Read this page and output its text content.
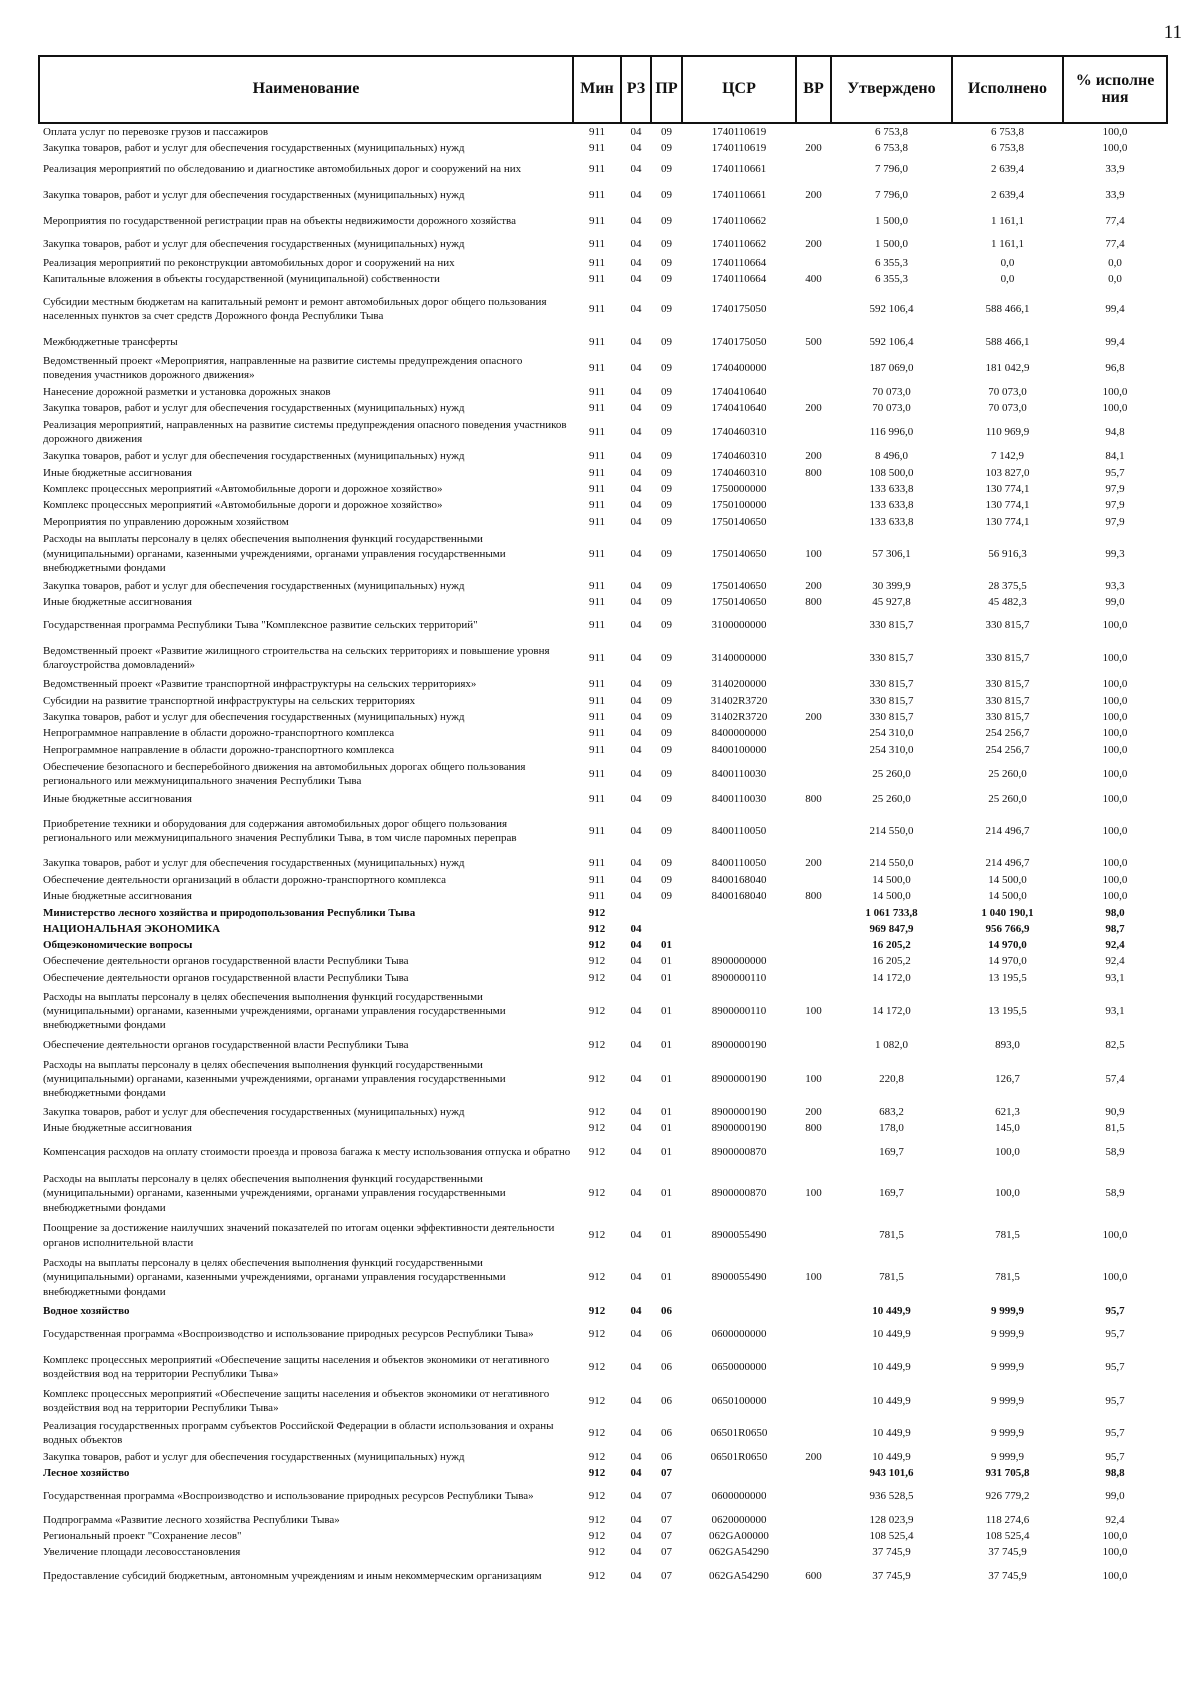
11
Наименование	Мин	РЗ	ПР	ЦСР	ВР	Утверждено	Исполнено	% исполне ния
Оплата услуг по перевозке грузов и пассажиров	911	04	09	1740110619		6 753,8	6 753,8	100,0
Закупка товаров, работ и услуг для обеспечения государственных (муниципальных) нужд	911	04	09	1740110619	200	6 753,8	6 753,8	100,0
Реализация мероприятий по обследованию и диагностике автомобильных дорог и сооружений на них	911	04	09	1740110661		7 796,0	2 639,4	33,9
Закупка товаров, работ и услуг для обеспечения государственных (муниципальных) нужд	911	04	09	1740110661	200	7 796,0	2 639,4	33,9
Мероприятия по государственной регистрации прав на объекты недвижимости дорожного хозяйства	911	04	09	1740110662		1 500,0	1 161,1	77,4
Закупка товаров, работ и услуг для обеспечения государственных (муниципальных) нужд	911	04	09	1740110662	200	1 500,0	1 161,1	77,4
Реализация мероприятий по реконструкции автомобильных дорог и сооружений на них	911	04	09	1740110664		6 355,3	0,0	0,0
Капитальные вложения в объекты государственной (муниципальной) собственности	911	04	09	1740110664	400	6 355,3	0,0	0,0
Субсидии местным бюджетам на капитальный ремонт и ремонт автомобильных дорог общего пользования населенных пунктов за счет средств Дорожного фонда Республики Тыва	911	04	09	1740175050		592 106,4	588 466,1	99,4
Межбюджетные трансферты	911	04	09	1740175050	500	592 106,4	588 466,1	99,4
Ведомственный проект «Мероприятия, направленные на развитие системы предупреждения опасного поведения участников дорожного движения»	911	04	09	1740400000		187 069,0	181 042,9	96,8
Нанесение дорожной разметки и установка дорожных знаков	911	04	09	1740410640		70 073,0	70 073,0	100,0
Закупка товаров, работ и услуг для обеспечения государственных (муниципальных) нужд	911	04	09	1740410640	200	70 073,0	70 073,0	100,0
Реализация мероприятий, направленных на развитие системы предупреждения опасного поведения участников дорожного движения	911	04	09	1740460310		116 996,0	110 969,9	94,8
Закупка товаров, работ и услуг для обеспечения государственных (муниципальных) нужд	911	04	09	1740460310	200	8 496,0	7 142,9	84,1
Иные бюджетные ассигнования	911	04	09	1740460310	800	108 500,0	103 827,0	95,7
Комплекс процессных мероприятий «Автомобильные дороги и дорожное хозяйство»	911	04	09	1750000000		133 633,8	130 774,1	97,9
Комплекс процессных мероприятий «Автомобильные дороги и дорожное хозяйство»	911	04	09	1750100000		133 633,8	130 774,1	97,9
Мероприятия по управлению дорожным хозяйством	911	04	09	1750140650		133 633,8	130 774,1	97,9
Расходы на выплаты персоналу в целях обеспечения выполнения функций государственными (муниципальными) органами, казенными учреждениями, органами управления государственными внебюджетными фондами	911	04	09	1750140650	100	57 306,1	56 916,3	99,3
Закупка товаров, работ и услуг для обеспечения государственных (муниципальных) нужд	911	04	09	1750140650	200	30 399,9	28 375,5	93,3
Иные бюджетные ассигнования	911	04	09	1750140650	800	45 927,8	45 482,3	99,0
Государственная программа Республики Тыва "Комплексное развитие сельских территорий"	911	04	09	3100000000		330 815,7	330 815,7	100,0
Ведомственный проект «Развитие жилищного строительства на сельских территориях и повышение уровня благоустройства домовладений»	911	04	09	3140000000		330 815,7	330 815,7	100,0
Ведомственный проект «Развитие транспортной инфраструктуры на сельских территориях»	911	04	09	3140200000		330 815,7	330 815,7	100,0
Субсидии на развитие транспортной инфраструктуры на сельских территориях	911	04	09	31402R3720		330 815,7	330 815,7	100,0
Закупка товаров, работ и услуг для обеспечения государственных (муниципальных) нужд	911	04	09	31402R3720	200	330 815,7	330 815,7	100,0
Непрограммное направление в области дорожно-транспортного комплекса	911	04	09	8400000000		254 310,0	254 256,7	100,0
Непрограммное направление в области дорожно-транспортного комплекса	911	04	09	8400100000		254 310,0	254 256,7	100,0
Обеспечение безопасного и бесперебойного движения на автомобильных дорогах общего пользования регионального или межмуниципального значения Республики Тыва	911	04	09	8400110030		25 260,0	25 260,0	100,0
Иные бюджетные ассигнования	911	04	09	8400110030	800	25 260,0	25 260,0	100,0
Приобретение техники и оборудования для содержания автомобильных дорог общего пользования регионального или межмуниципального значения Республики Тыва, в том числе паромных переправ	911	04	09	8400110050		214 550,0	214 496,7	100,0
Закупка товаров, работ и услуг для обеспечения государственных (муниципальных) нужд	911	04	09	8400110050	200	214 550,0	214 496,7	100,0
Обеспечение деятельности организаций в области дорожно-транспортного комплекса	911	04	09	8400168040		14 500,0	14 500,0	100,0
Иные бюджетные ассигнования	911	04	09	8400168040	800	14 500,0	14 500,0	100,0
Министерство лесного хозяйства и природопользования Республики Тыва	912					1 061 733,8	1 040 190,1	98,0
НАЦИОНАЛЬНАЯ ЭКОНОМИКА	912	04				969 847,9	956 766,9	98,7
Общеэкономические вопросы	912	04	01			16 205,2	14 970,0	92,4
Обеспечение деятельности органов государственной власти Республики Тыва	912	04	01	8900000000		16 205,2	14 970,0	92,4
Обеспечение деятельности органов государственной власти Республики Тыва	912	04	01	8900000110		14 172,0	13 195,5	93,1
Расходы на выплаты персоналу в целях обеспечения выполнения функций государственными (муниципальными) органами, казенными учреждениями, органами управления государственными внебюджетными фондами	912	04	01	8900000110	100	14 172,0	13 195,5	93,1
Обеспечение деятельности органов государственной власти Республики Тыва	912	04	01	8900000190		1 082,0	893,0	82,5
Расходы на выплаты персоналу в целях обеспечения выполнения функций государственными (муниципальными) органами, казенными учреждениями, органами управления государственными внебюджетными фондами	912	04	01	8900000190	100	220,8	126,7	57,4
Закупка товаров, работ и услуг для обеспечения государственных (муниципальных) нужд	912	04	01	8900000190	200	683,2	621,3	90,9
Иные бюджетные ассигнования	912	04	01	8900000190	800	178,0	145,0	81,5
Компенсация расходов на оплату стоимости проезда и провоза багажа к месту использования отпуска и обратно	912	04	01	8900000870		169,7	100,0	58,9
Расходы на выплаты персоналу в целях обеспечения выполнения функций государственными (муниципальными) органами, казенными учреждениями, органами управления государственными внебюджетными фондами	912	04	01	8900000870	100	169,7	100,0	58,9
Поощрение за достижение наилучших значений показателей по итогам оценки эффективности деятельности органов исполнительной власти	912	04	01	8900055490		781,5	781,5	100,0
Расходы на выплаты персоналу в целях обеспечения выполнения функций государственными (муниципальными) органами, казенными учреждениями, органами управления государственными внебюджетными фондами	912	04	01	8900055490	100	781,5	781,5	100,0
Водное хозяйство	912	04	06			10 449,9	9 999,9	95,7
Государственная программа «Воспроизводство и использование природных ресурсов Республики Тыва»	912	04	06	0600000000		10 449,9	9 999,9	95,7
Комплекс процессных мероприятий «Обеспечение защиты населения и объектов экономики от негативного воздействия вод на территории Республики Тыва»	912	04	06	0650000000		10 449,9	9 999,9	95,7
Комплекс процессных мероприятий «Обеспечение защиты населения и объектов экономики от негативного воздействия вод на территории Республики Тыва»	912	04	06	0650100000		10 449,9	9 999,9	95,7
Реализация государственных программ субъектов Российской Федерации в области использования и охраны водных объектов	912	04	06	06501R0650		10 449,9	9 999,9	95,7
Закупка товаров, работ и услуг для обеспечения государственных (муниципальных) нужд	912	04	06	06501R0650	200	10 449,9	9 999,9	95,7
Лесное хозяйство	912	04	07			943 101,6	931 705,8	98,8
Государственная программа «Воспроизводство и использование природных ресурсов Республики Тыва»	912	04	07	0600000000		936 528,5	926 779,2	99,0
Подпрограмма «Развитие лесного хозяйства Республики Тыва»	912	04	07	0620000000		128 023,9	118 274,6	92,4
Региональный проект "Сохранение лесов"	912	04	07	062GA00000		108 525,4	108 525,4	100,0
Увеличение площади лесовосстановления	912	04	07	062GA54290		37 745,9	37 745,9	100,0
Предоставление субсидий бюджетным, автономным учреждениям и иным некоммерческим организациям	912	04	07	062GA54290	600	37 745,9	37 745,9	100,0
